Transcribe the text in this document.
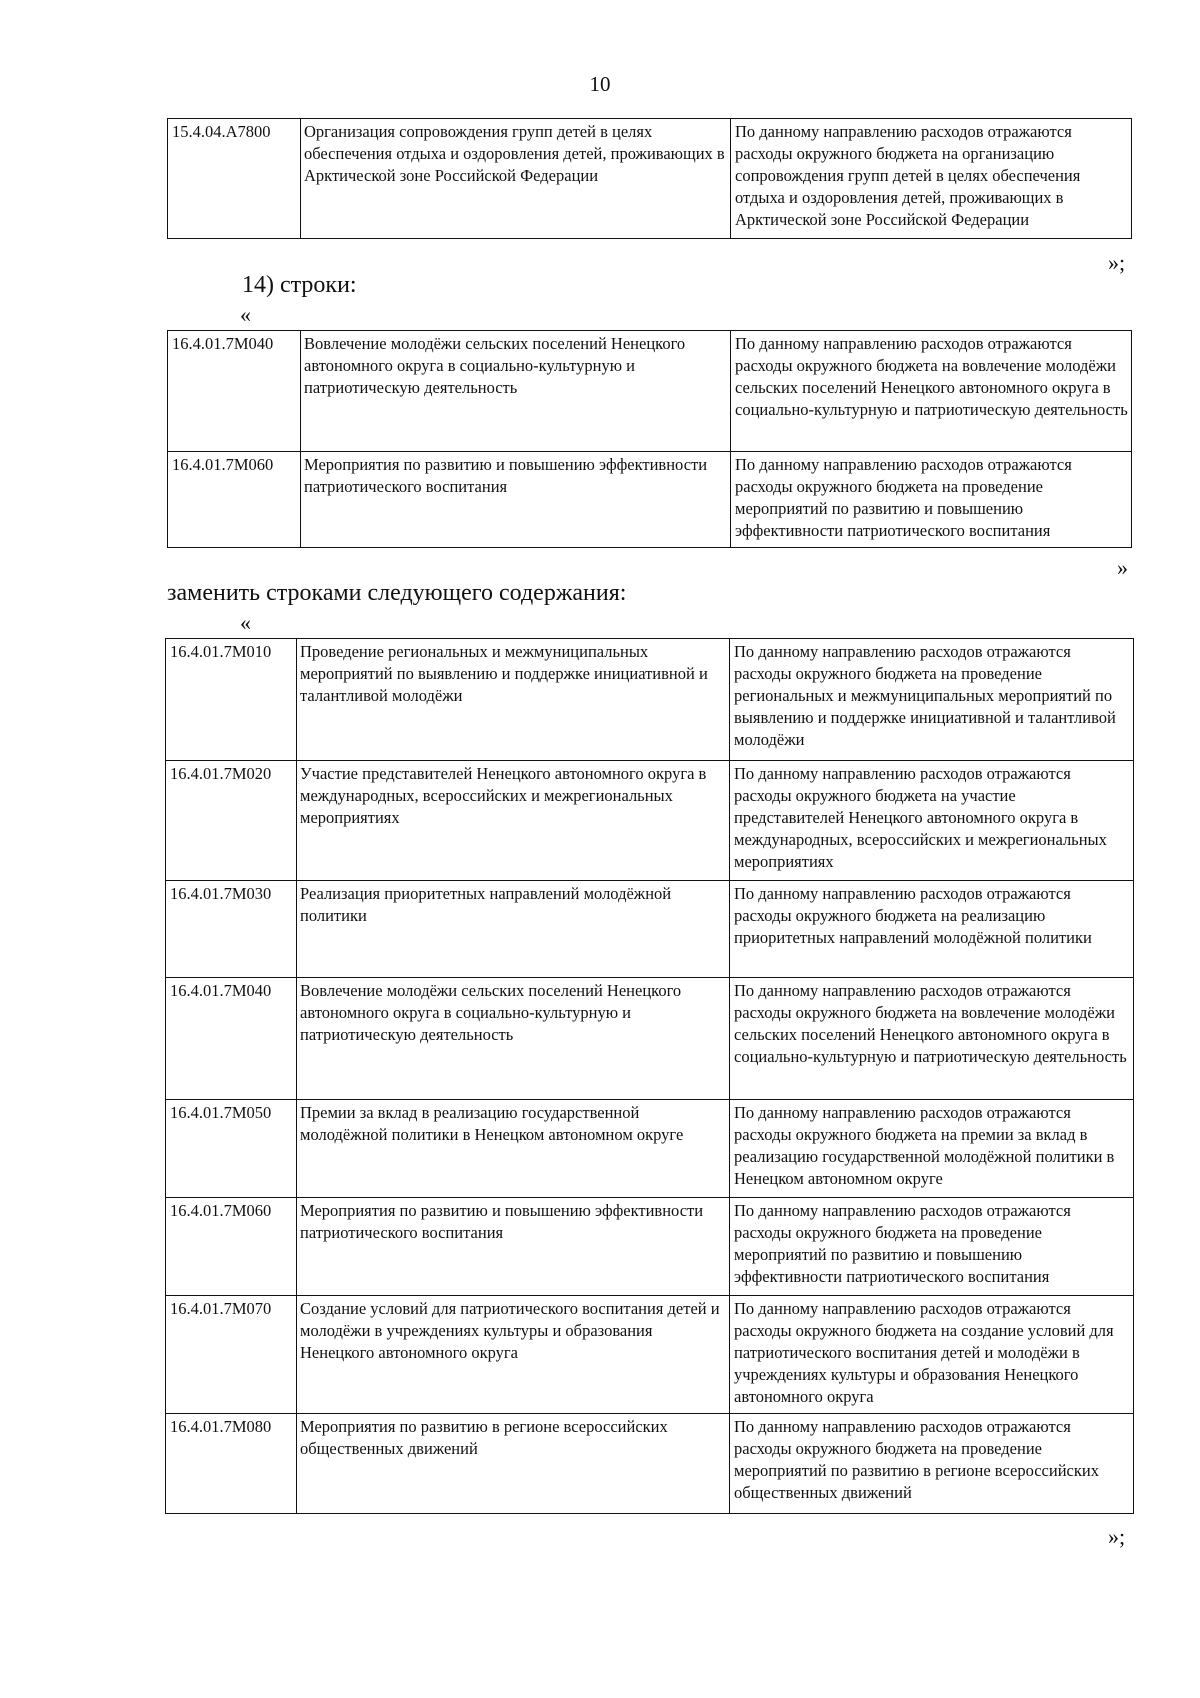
10
15.4.04.А7800	Организация сопровождения групп детей в целях обеспечения отдыха и оздоровления детей, проживающих в Арктической зоне Российской Федерации	По данному направлению расходов отражаются расходы окружного бюджета на организацию сопровождения групп детей в целях обеспечения отдыха и оздоровления детей, проживающих в Арктической зоне Российской Федерации
»;
14) строки:
«
16.4.01.7М040	Вовлечение молодёжи сельских поселений Ненецкого автономного округа в социально-культурную и патриотическую деятельность	По данному направлению расходов отражаются расходы окружного бюджета на вовлечение молодёжи сельских поселений Ненецкого автономного округа в социально-культурную и патриотическую деятельность
16.4.01.7М060	Мероприятия по развитию и повышению эффективности патриотического воспитания	По данному направлению расходов отражаются расходы окружного бюджета на проведение мероприятий по развитию и повышению эффективности патриотического воспитания
»
заменить строками следующего содержания:
«
16.4.01.7М010	Проведение региональных и межмуниципальных мероприятий по выявлению и поддержке инициативной и талантливой молодёжи	По данному направлению расходов отражаются расходы окружного бюджета на проведение региональных и межмуниципальных мероприятий по выявлению и поддержке инициативной и талантливой молодёжи
16.4.01.7М020	Участие представителей Ненецкого автономного округа в международных, всероссийских и межрегиональных мероприятиях	По данному направлению расходов отражаются расходы окружного бюджета на участие представителей Ненецкого автономного округа в международных, всероссийских и межрегиональных мероприятиях
16.4.01.7М030	Реализация приоритетных направлений молодёжной политики	По данному направлению расходов отражаются расходы окружного бюджета на реализацию приоритетных направлений молодёжной политики
16.4.01.7М040	Вовлечение молодёжи сельских поселений Ненецкого автономного округа в социально-культурную и патриотическую деятельность	По данному направлению расходов отражаются расходы окружного бюджета на вовлечение молодёжи сельских поселений Ненецкого автономного округа в социально-культурную и патриотическую деятельность
16.4.01.7М050	Премии за вклад в реализацию государственной молодёжной политики в Ненецком автономном округе	По данному направлению расходов отражаются расходы окружного бюджета на премии за вклад в реализацию государственной молодёжной политики в Ненецком автономном округе
16.4.01.7М060	Мероприятия по развитию и повышению эффективности патриотического воспитания	По данному направлению расходов отражаются расходы окружного бюджета на проведение мероприятий по развитию и повышению эффективности патриотического воспитания
16.4.01.7М070	Создание условий для патриотического воспитания детей и молодёжи в учреждениях культуры и образования Ненецкого автономного округа	По данному направлению расходов отражаются расходы окружного бюджета на создание условий для патриотического воспитания детей и молодёжи в учреждениях культуры и образования Ненецкого автономного округа
16.4.01.7М080	Мероприятия по развитию в регионе всероссийских общественных движений	По данному направлению расходов отражаются расходы окружного бюджета на проведение мероприятий по развитию в регионе всероссийских общественных движений
»;
